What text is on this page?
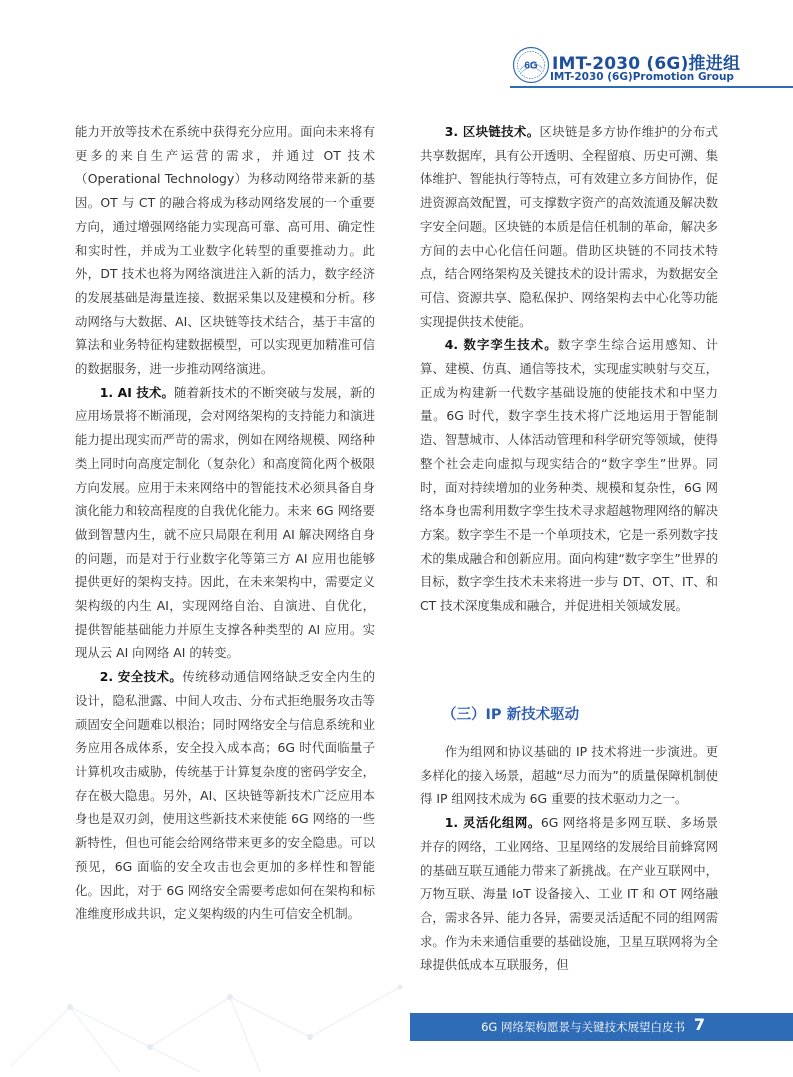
6G IMT-2030 (6G)推进组
IMT-2030 (6G)Promotion Group

能力开放等技术在系统中获得充分应用。面向未来将有更多的来自生产运营的需求，并通过 OT 技术（Operational Technology）为移动网络带来新的基因。OT 与 CT 的融合将成为移动网络发展的一个重要方向，通过增强网络能力实现高可靠、高可用、确定性和实时性，并成为工业数字化转型的重要推动力。此外，DT 技术也将为网络演进注入新的活力，数字经济的发展基础是海量连接、数据采集以及建模和分析。移动网络与大数据、AI、区块链等技术结合，基于丰富的算法和业务特征构建数据模型，可以实现更加精准可信的数据服务，进一步推动网络演进。

1. AI 技术。随着新技术的不断突破与发展，新的应用场景将不断涌现，会对网络架构的支持能力和演进能力提出现实而严苛的需求，例如在网络规模、网络种类上同时向高度定制化（复杂化）和高度简化两个极限方向发展。应用于未来网络中的智能技术必须具备自身演化能力和较高程度的自我优化能力。未来 6G 网络要做到智慧内生，就不应只局限在利用 AI 解决网络自身的问题，而是对于行业数字化等第三方 AI 应用也能够提供更好的架构支持。因此，在未来架构中，需要定义架构级的内生 AI，实现网络自治、自演进、自优化，提供智能基础能力并原生支撑各种类型的 AI 应用。实现从云 AI 向网络 AI 的转变。

2. 安全技术。传统移动通信网络缺乏安全内生的设计，隐私泄露、中间人攻击、分布式拒绝服务攻击等顽固安全问题难以根治；同时网络安全与信息系统和业务应用各成体系，安全投入成本高；6G 时代面临量子计算机攻击威胁，传统基于计算复杂度的密码学安全，存在极大隐患。另外，AI、区块链等新技术广泛应用本身也是双刃剑，使用这些新技术来使能 6G 网络的一些新特性，但也可能会给网络带来更多的安全隐患。可以预见，6G 面临的安全攻击也会更加的多样性和智能化。因此，对于 6G 网络安全需要考虑如何在架构和标准维度形成共识，定义架构级的内生可信安全机制。

3. 区块链技术。区块链是多方协作维护的分布式共享数据库，具有公开透明、全程留痕、历史可溯、集体维护、智能执行等特点，可有效建立多方间协作，促进资源高效配置，可支撑数字资产的高效流通及解决数字安全问题。区块链的本质是信任机制的革命，解决多方间的去中心化信任问题。借助区块链的不同技术特点，结合网络架构及关键技术的设计需求，为数据安全可信、资源共享、隐私保护、网络架构去中心化等功能实现提供技术使能。

4. 数字孪生技术。数字孪生综合运用感知、计算、建模、仿真、通信等技术，实现虚实映射与交互，正成为构建新一代数字基础设施的使能技术和中坚力量。6G 时代，数字孪生技术将广泛地运用于智能制造、智慧城市、人体活动管理和科学研究等领域，使得整个社会走向虚拟与现实结合的“数字孪生”世界。同时，面对持续增加的业务种类、规模和复杂性，6G 网络本身也需利用数字孪生技术寻求超越物理网络的解决方案。数字孪生不是一个单项技术，它是一系列数字技术的集成融合和创新应用。面向构建“数字孪生”世界的目标，数字孪生技术未来将进一步与 DT、OT、IT、和 CT 技术深度集成和融合，并促进相关领域发展。

（三）IP 新技术驱动

作为组网和协议基础的 IP 技术将进一步演进。更多样化的接入场景，超越“尽力而为”的质量保障机制使得 IP 组网技术成为 6G 重要的技术驱动力之一。

1. 灵活化组网。6G 网络将是多网互联、多场景并存的网络，工业网络、卫星网络的发展给目前蜂窝网的基础互联互通能力带来了新挑战。在产业互联网中，万物互联、海量 IoT 设备接入、工业 IT 和 OT 网络融合，需求各异、能力各异，需要灵活适配不同的组网需求。作为未来通信重要的基础设施，卫星互联网将为全球提供低成本互联服务，但

6G 网络架构愿景与关键技术展望白皮书 7
